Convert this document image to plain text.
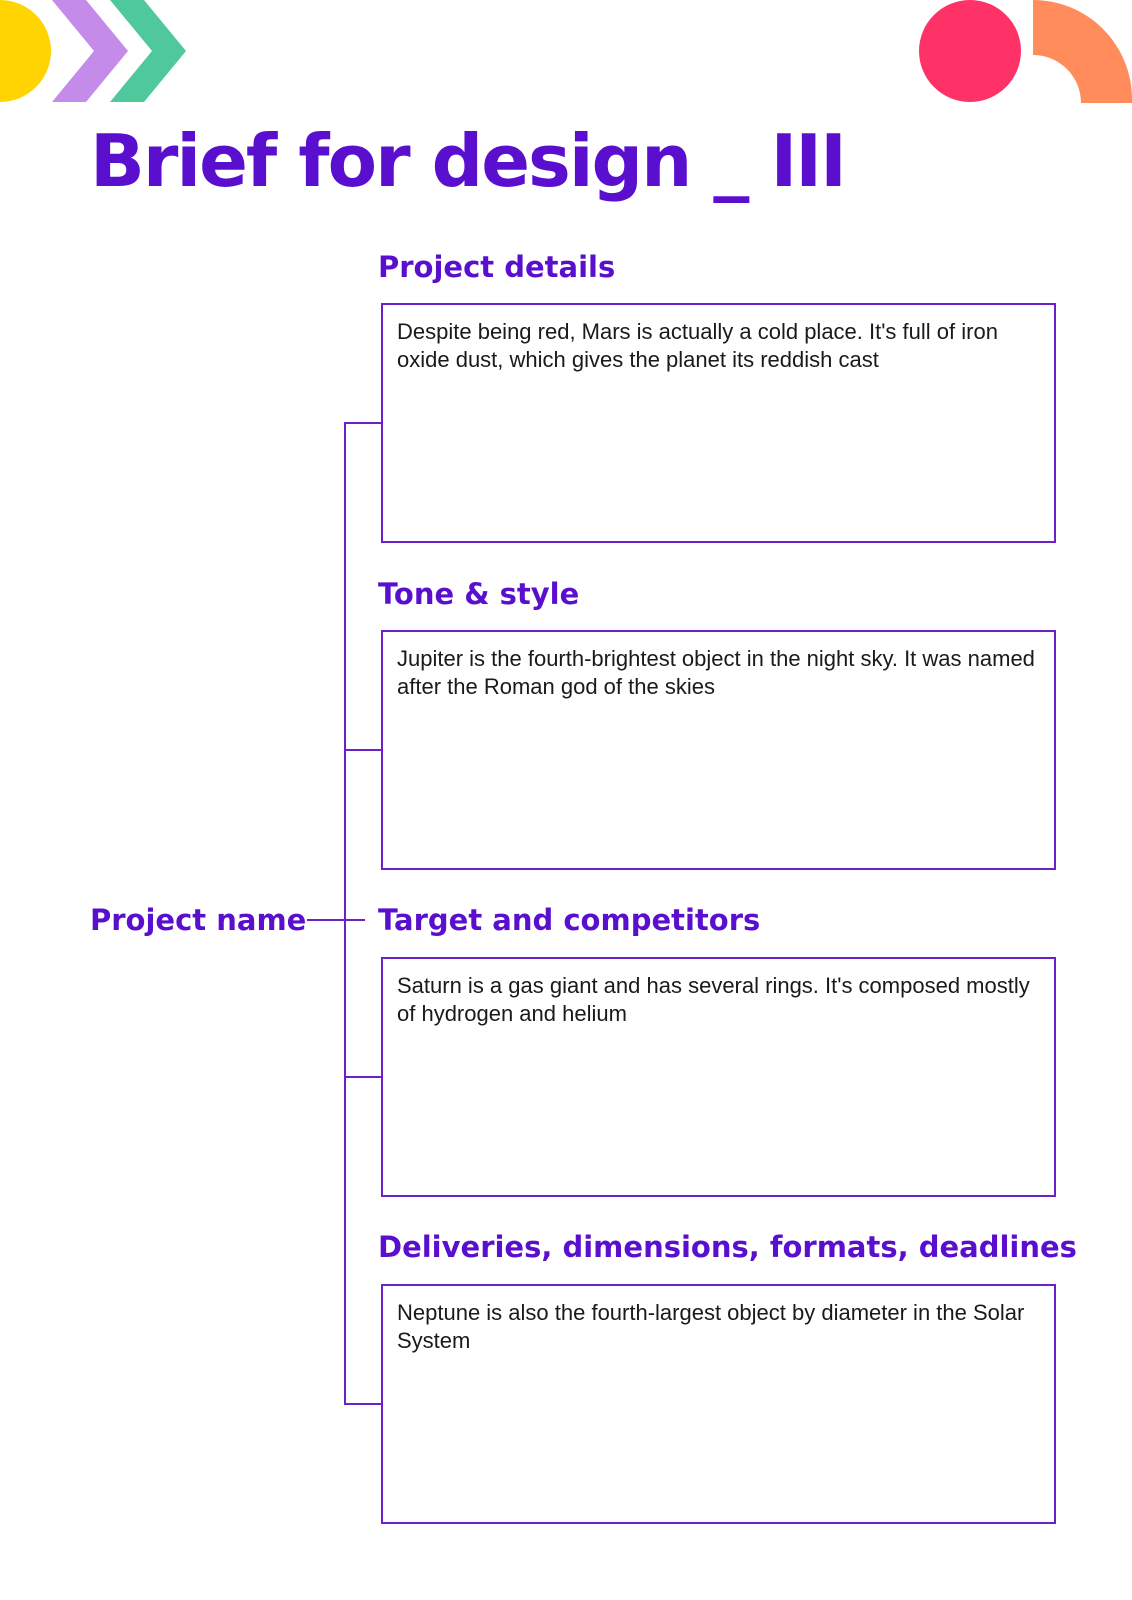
Brief for design _ III
Project name
Project details
Despite being red, Mars is actually a cold place. It's full of iron oxide dust, which gives the planet its reddish cast
Tone & style
Jupiter is the fourth-brightest object in the night sky. It was named after the Roman god of the skies
Target and competitors
Saturn is a gas giant and has several rings. It's composed mostly of hydrogen and helium
Deliveries, dimensions, formats, deadlines
Neptune is also the fourth-largest object by diameter in the Solar System
